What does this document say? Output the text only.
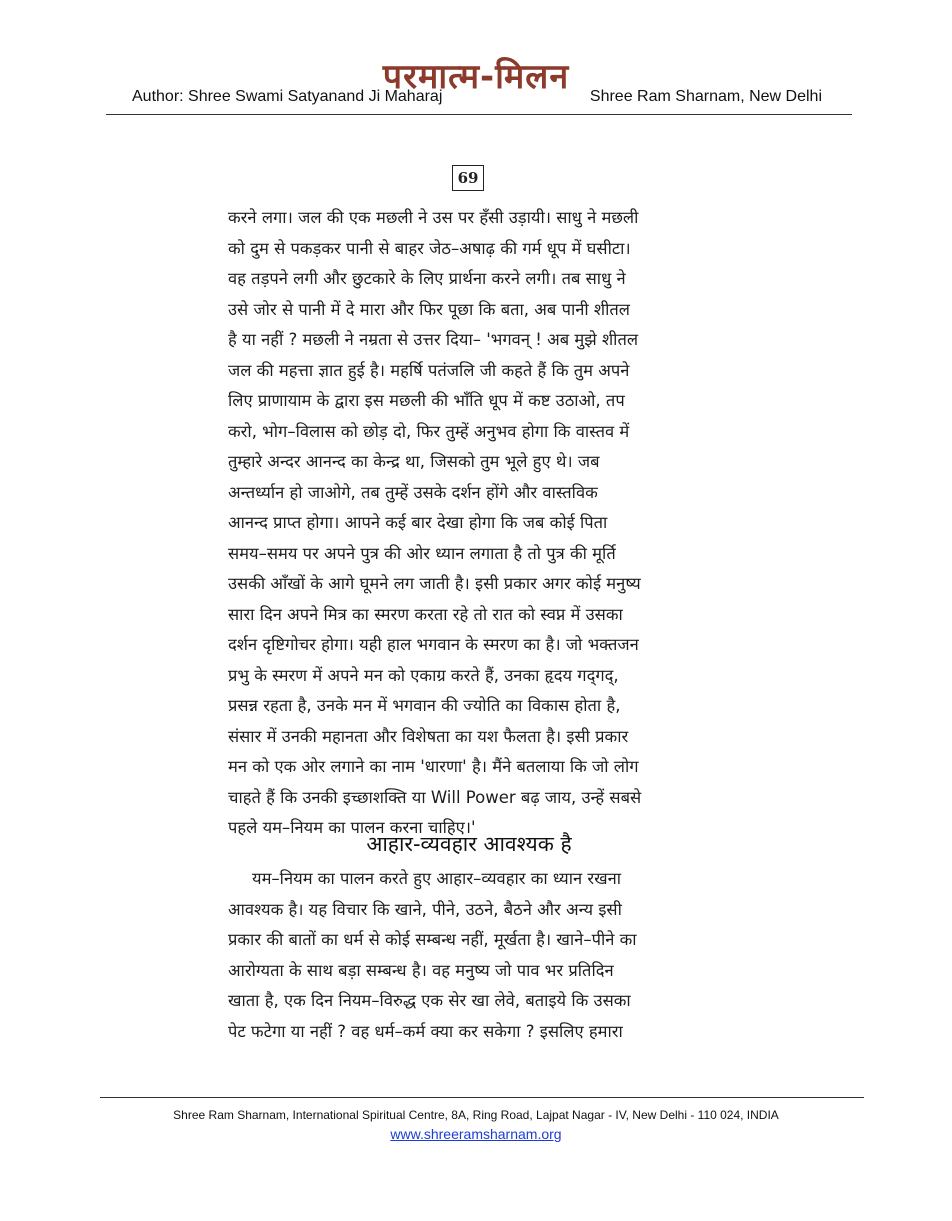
परमात्म-मिलन
Author: Shree Swami Satyanand Ji Maharaj	Shree Ram Sharnam, New Delhi
69
करने लगा। जल की एक मछली ने उस पर हँसी उड़ायी। साधु ने मछली
को दुम से पकड़कर पानी से बाहर जेठ–अषाढ़ की गर्म धूप में घसीटा।
वह तड़पने लगी और छुटकारे के लिए प्रार्थना करने लगी। तब साधु ने
उसे जोर से पानी में दे मारा और फिर पूछा कि बता, अब पानी शीतल
है या नहीं ? मछली ने नम्रता से उत्तर दिया– 'भगवन् ! अब मुझे शीतल
जल की महत्ता ज्ञात हुई है। महर्षि पतंजलि जी कहते हैं कि तुम अपने
लिए प्राणायाम के द्वारा इस मछली की भाँति धूप में कष्ट उठाओ, तप
करो, भोग–विलास को छोड़ दो, फिर तुम्हें अनुभव होगा कि वास्तव में
तुम्हारे अन्दर आनन्द का केन्द्र था, जिसको तुम भूले हुए थे। जब
अन्तर्ध्यान हो जाओगे, तब तुम्हें उसके दर्शन होंगे और वास्तविक
आनन्द प्राप्त होगा। आपने कई बार देखा होगा कि जब कोई पिता
समय–समय पर अपने पुत्र की ओर ध्यान लगाता है तो पुत्र की मूर्ति
उसकी आँखों के आगे घूमने लग जाती है। इसी प्रकार अगर कोई मनुष्य
सारा दिन अपने मित्र का स्मरण करता रहे तो रात को स्वप्न में उसका
दर्शन दृष्टिगोचर होगा। यही हाल भगवान के स्मरण का है। जो भक्तजन
प्रभु के स्मरण में अपने मन को एकाग्र करते हैं, उनका हृदय गद्‌गद्,
प्रसन्न रहता है, उनके मन में भगवान की ज्योति का विकास होता है,
संसार में उनकी महानता और विशेषता का यश फैलता है। इसी प्रकार
मन को एक ओर लगाने का नाम 'धारणा' है। मैंने बतलाया कि जो लोग
चाहते हैं कि उनकी इच्छाशक्ति या Will Power बढ़ जाय, उन्हें सबसे
पहले यम–नियम का पालन करना चाहिए।'
आहार-व्यवहार आवश्यक है
यम–नियम का पालन करते हुए आहार–व्यवहार का ध्यान रखना
आवश्यक है। यह विचार कि खाने, पीने, उठने, बैठने और अन्य इसी
प्रकार की बातों का धर्म से कोई सम्बन्ध नहीं, मूर्खता है। खाने–पीने का
आरोग्यता के साथ बड़ा सम्बन्ध है। वह मनुष्य जो पाव भर प्रतिदिन
खाता है, एक दिन नियम–विरुद्ध एक सेर खा लेवे, बताइये कि उसका
पेट फटेगा या नहीं ? वह धर्म–कर्म क्या कर सकेगा ? इसलिए हमारा
Shree Ram Sharnam, International Spiritual Centre, 8A, Ring Road, Lajpat Nagar - IV, New Delhi - 110 024, INDIA
www.shreeramsharnam.org
